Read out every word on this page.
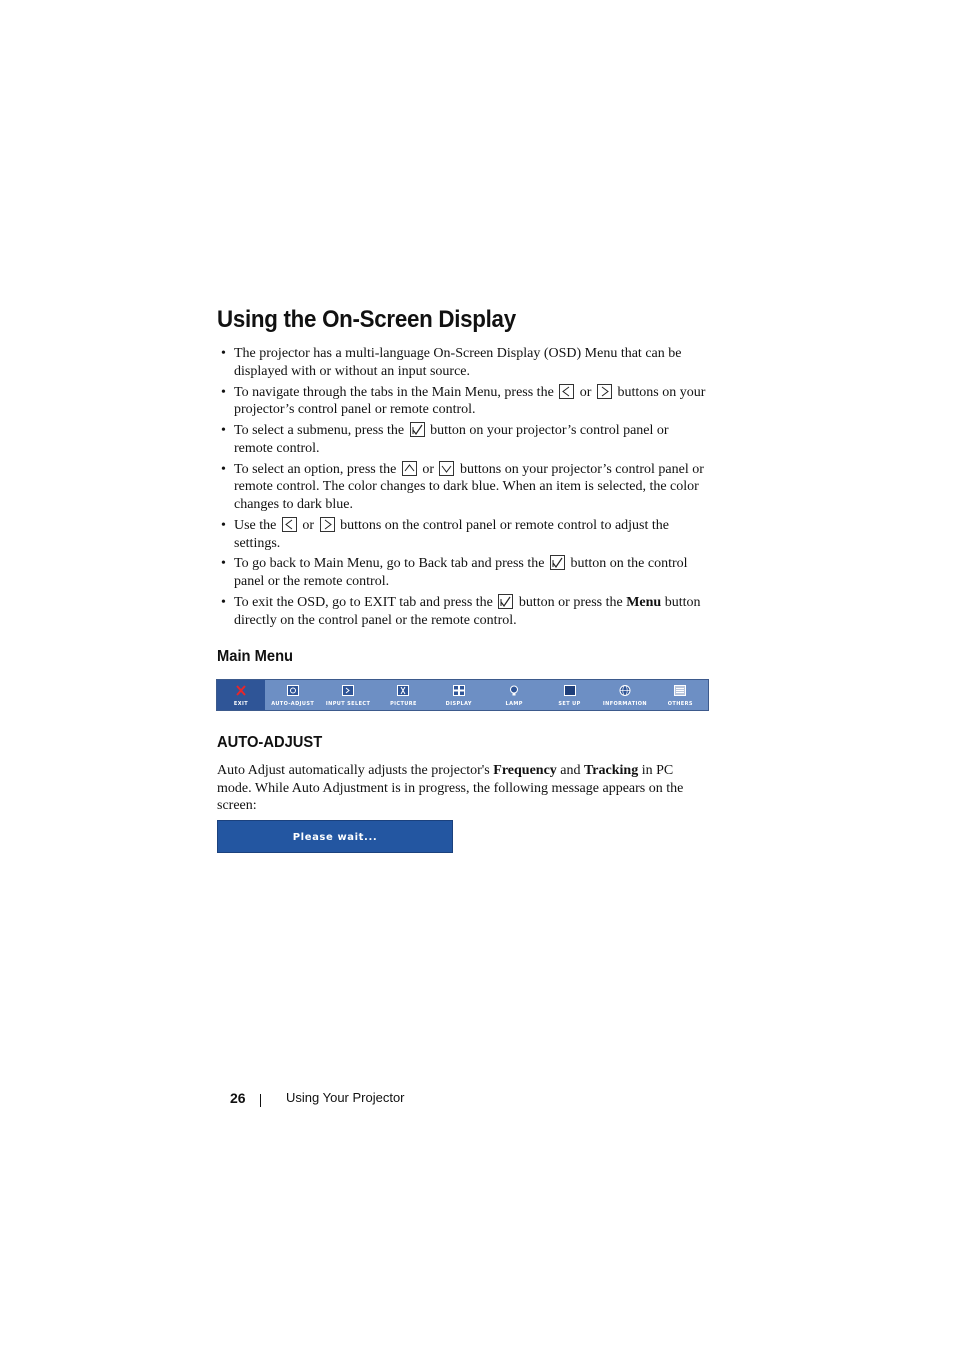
Using the On-Screen Display
• The projector has a multi-language On-Screen Display (OSD) Menu that can be displayed with or without an input source.
• To navigate through the tabs in the Main Menu, press the or buttons on your projector’s control panel or remote control.
• To select a submenu, press the button on your projector’s control panel or remote control.
• To select an option, press the or buttons on your projector’s control panel or remote control. The color changes to dark blue. When an item is selected, the color changes to dark blue.
• Use the or buttons on the control panel or remote control to adjust the settings.
• To go back to Main Menu, go to Back tab and press the button on the control panel or the remote control.
• To exit the OSD, go to EXIT tab and press the button or press the Menu button directly on the control panel or the remote control.
Main Menu
EXIT	AUTO-ADJUST	INPUT SELECT	PICTURE	DISPLAY	LAMP	SET UP	INFORMATION	OTHERS
AUTO-ADJUST

Auto Adjust automatically adjusts the projector's Frequency and Tracking in PC mode. While Auto Adjustment is in progress, the following message appears on the screen:

Please wait...
26	Using Your Projector
